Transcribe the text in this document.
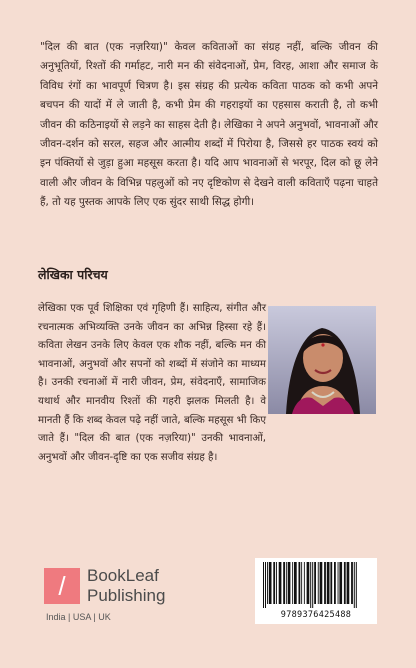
"दिल की बात (एक नज़रिया)" केवल कविताओं का संग्रह नहीं, बल्कि जीवन की अनुभूतियों, रिश्तों की गर्माहट, नारी मन की संवेदनाओं, प्रेम, विरह, आशा और समाज के विविध रंगों का भावपूर्ण चित्रण है। इस संग्रह की प्रत्येक कविता पाठक को कभी अपने बचपन की यादों में ले जाती है, कभी प्रेम की गहराइयों का एहसास कराती है, तो कभी जीवन की कठिनाइयों से लड़ने का साहस देती है। लेखिका ने अपने अनुभवों, भावनाओं और जीवन-दर्शन को सरल, सहज और आत्मीय शब्दों में पिरोया है, जिससे हर पाठक स्वयं को इन पंक्तियों से जुड़ा हुआ महसूस करता है। यदि आप भावनाओं से भरपूर, दिल को छू लेने वाली और जीवन के विभिन्न पहलुओं को नए दृष्टिकोण से देखने वाली कविताएँ पढ़ना चाहते हैं, तो यह पुस्तक आपके लिए एक सुंदर साथी सिद्ध होगी।

लेखिका परिचय

लेखिका एक पूर्व शिक्षिका एवं गृहिणी हैं। साहित्य, संगीत और रचनात्मक अभिव्यक्ति उनके जीवन का अभिन्न हिस्सा रहे हैं। कविता लेखन उनके लिए केवल एक शौक नहीं, बल्कि मन की भावनाओं, अनुभवों और सपनों को शब्दों में संजोने का माध्यम है। उनकी रचनाओं में नारी जीवन, प्रेम, संवेदनाएँ, सामाजिक यथार्थ और मानवीय रिश्तों की गहरी झलक मिलती है। वे मानती हैं कि शब्द केवल पढ़े नहीं जाते, बल्कि महसूस भी किए जाते हैं। "दिल की बात (एक नज़रिया)" उनकी भावनाओं, अनुभवों और जीवन-दृष्टि का एक सजीव संग्रह है।

/	BookLeaf
Publishing
India | USA | UK	9789376425488
